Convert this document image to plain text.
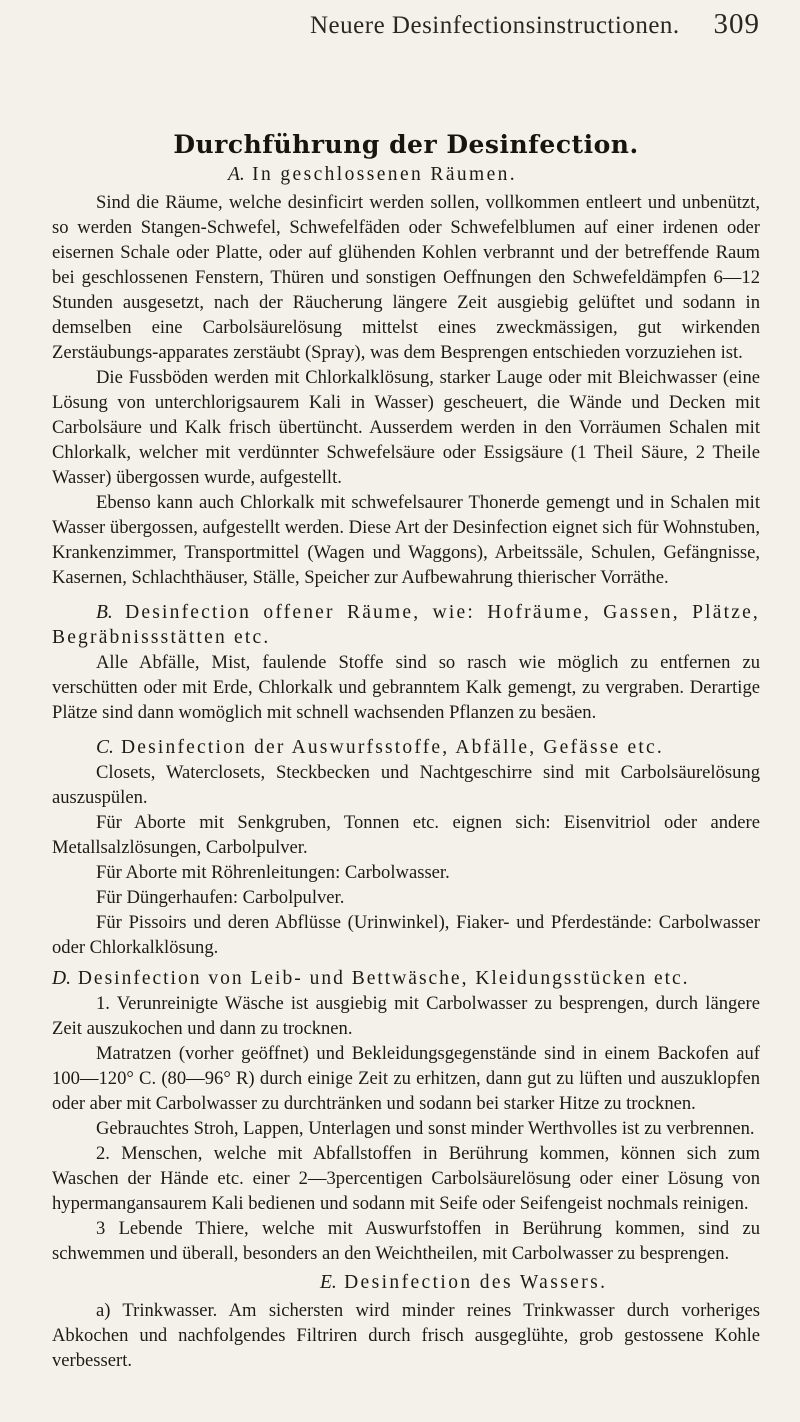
Neuere Desinfectionsinstructionen. 309
Durchführung der Desinfection.
A. In geschlossenen Räumen.

Sind die Räume, welche desinficirt werden sollen, vollkommen entleert und unbenützt, so werden Stangen-Schwefel, Schwefelfäden oder Schwefelblumen auf einer irdenen oder eisernen Schale oder Platte, oder auf glühenden Kohlen verbrannt und der betreffende Raum bei geschlossenen Fenstern, Thüren und sonstigen Oeffnungen den Schwefeldämpfen 6—12 Stunden ausgesetzt, nach der Räucherung längere Zeit ausgiebig gelüftet und sodann in demselben eine Carbolsäurelösung mittelst eines zweckmässigen, gut wirkenden Zerstäubungs-apparates zerstäubt (Spray), was dem Besprengen entschieden vorzuziehen ist.

Die Fussböden werden mit Chlorkalklösung, starker Lauge oder mit Bleichwasser (eine Lösung von unterchlorigsaurem Kali in Wasser) gescheuert, die Wände und Decken mit Carbolsäure und Kalk frisch übertüncht. Ausserdem werden in den Vorräumen Schalen mit Chlorkalk, welcher mit verdünnter Schwefelsäure oder Essigsäure (1 Theil Säure, 2 Theile Wasser) übergossen wurde, aufgestellt.

Ebenso kann auch Chlorkalk mit schwefelsaurer Thonerde gemengt und in Schalen mit Wasser übergossen, aufgestellt werden. Diese Art der Desinfection eignet sich für Wohnstuben, Krankenzimmer, Transportmittel (Wagen und Waggons), Arbeitssäle, Schulen, Gefängnisse, Kasernen, Schlachthäuser, Ställe, Speicher zur Aufbewahrung thierischer Vorräthe.

B. Desinfection offener Räume, wie: Hofräume, Gassen, Plätze, Begräbnissstätten etc.

Alle Abfälle, Mist, faulende Stoffe sind so rasch wie möglich zu entfernen zu verschütten oder mit Erde, Chlorkalk und gebranntem Kalk gemengt, zu vergraben. Derartige Plätze sind dann womöglich mit schnell wachsenden Pflanzen zu besäen.

C. Desinfection der Auswurfsstoffe, Abfälle, Gefässe etc.

Closets, Waterclosets, Steckbecken und Nachtgeschirre sind mit Carbolsäurelösung auszuspülen.

Für Aborte mit Senkgruben, Tonnen etc. eignen sich: Eisenvitriol oder andere Metallsalzlösungen, Carbolpulver.

Für Aborte mit Röhrenleitungen: Carbolwasser.

Für Düngerhaufen: Carbolpulver.

Für Pissoirs und deren Abflüsse (Urinwinkel), Fiaker- und Pferdestände: Carbolwasser oder Chlorkalklösung.

D. Desinfection von Leib- und Bettwäsche, Kleidungsstücken etc.

1. Verunreinigte Wäsche ist ausgiebig mit Carbolwasser zu besprengen, durch längere Zeit auszukochen und dann zu trocknen.

Matratzen (vorher geöffnet) und Bekleidungsgegenstände sind in einem Backofen auf 100—120° C. (80—96° R) durch einige Zeit zu erhitzen, dann gut zu lüften und auszuklopfen oder aber mit Carbolwasser zu durchtränken und sodann bei starker Hitze zu trocknen.

Gebrauchtes Stroh, Lappen, Unterlagen und sonst minder Werthvolles ist zu verbrennen.

2. Menschen, welche mit Abfallstoffen in Berührung kommen, können sich zum Waschen der Hände etc. einer 2—3percentigen Carbolsäurelösung oder einer Lösung von hypermangansaurem Kali bedienen und sodann mit Seife oder Seifengeist nochmals reinigen.

3 Lebende Thiere, welche mit Auswurfstoffen in Berührung kommen, sind zu schwemmen und überall, besonders an den Weichtheilen, mit Carbolwasser zu besprengen.

E. Desinfection des Wassers.

a) Trinkwasser. Am sichersten wird minder reines Trinkwasser durch vorheriges Abkochen und nachfolgendes Filtriren durch frisch ausgeglühte, grob gestossene Kohle verbessert.
